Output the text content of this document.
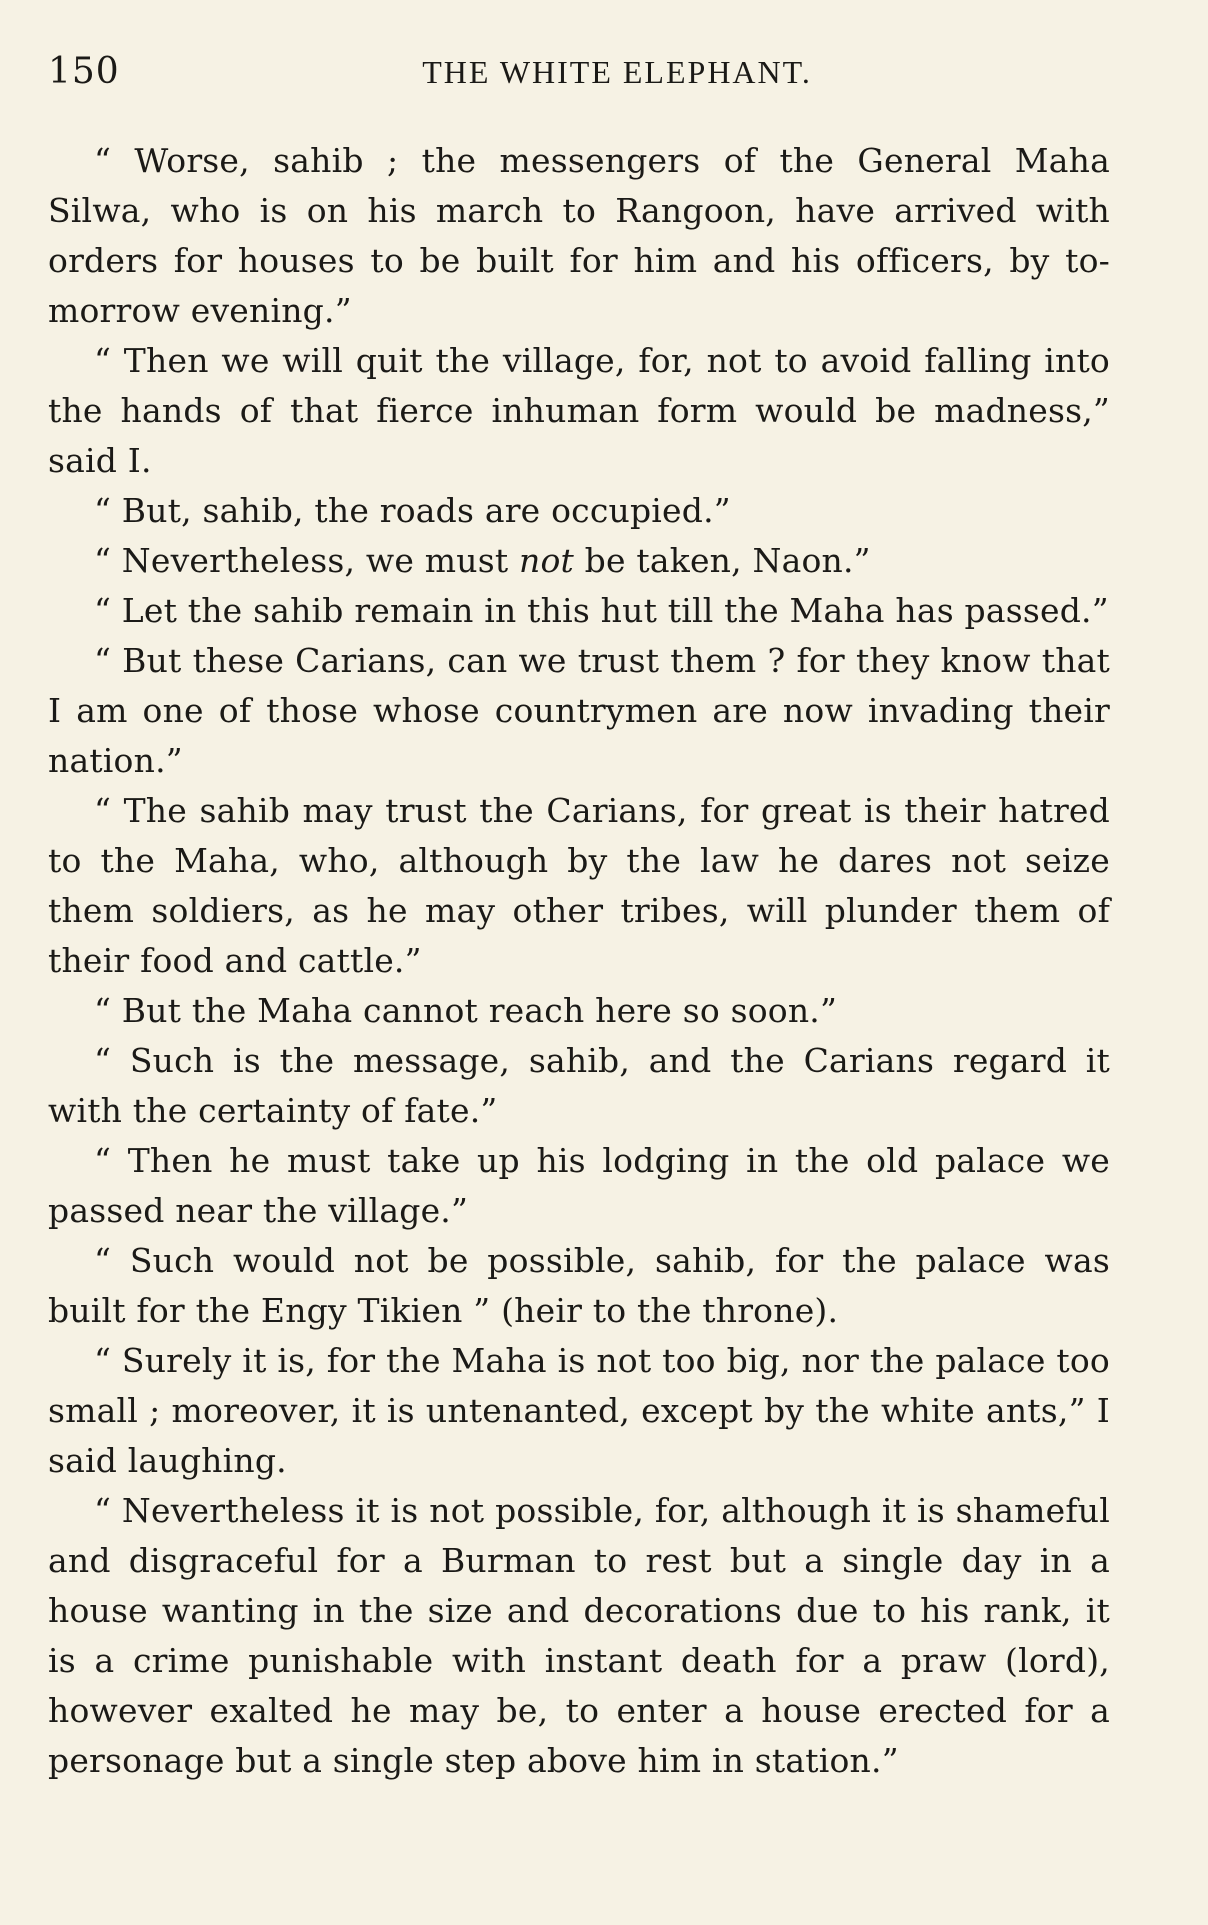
150	THE WHITE ELEPHANT.

“ Worse, sahib ; the messengers of the General Maha Silwa, who is on his march to Rangoon, have arrived with orders for houses to be built for him and his officers, by to-morrow evening.”

“ Then we will quit the village, for, not to avoid falling into the hands of that fierce inhuman form would be madness,” said I.

“ But, sahib, the roads are occupied.”

“ Nevertheless, we must not be taken, Naon.”

“ Let the sahib remain in this hut till the Maha has passed.”

“ But these Carians, can we trust them ? for they know that I am one of those whose countrymen are now invading their nation.”

“ The sahib may trust the Carians, for great is their hatred to the Maha, who, although by the law he dares not seize them soldiers, as he may other tribes, will plunder them of their food and cattle.”

“ But the Maha cannot reach here so soon.”

“ Such is the message, sahib, and the Carians regard it with the certainty of fate.”

“ Then he must take up his lodging in the old palace we passed near the village.”

“ Such would not be possible, sahib, for the palace was built for the Engy Tikien ” (heir to the throne).

“ Surely it is, for the Maha is not too big, nor the palace too small ; moreover, it is untenanted, except by the white ants,” I said laughing.

“ Nevertheless it is not possible, for, although it is shameful and disgraceful for a Burman to rest but a single day in a house wanting in the size and decorations due to his rank, it is a crime punishable with instant death for a praw (lord), however exalted he may be, to enter a house erected for a personage but a single step above him in station.”
